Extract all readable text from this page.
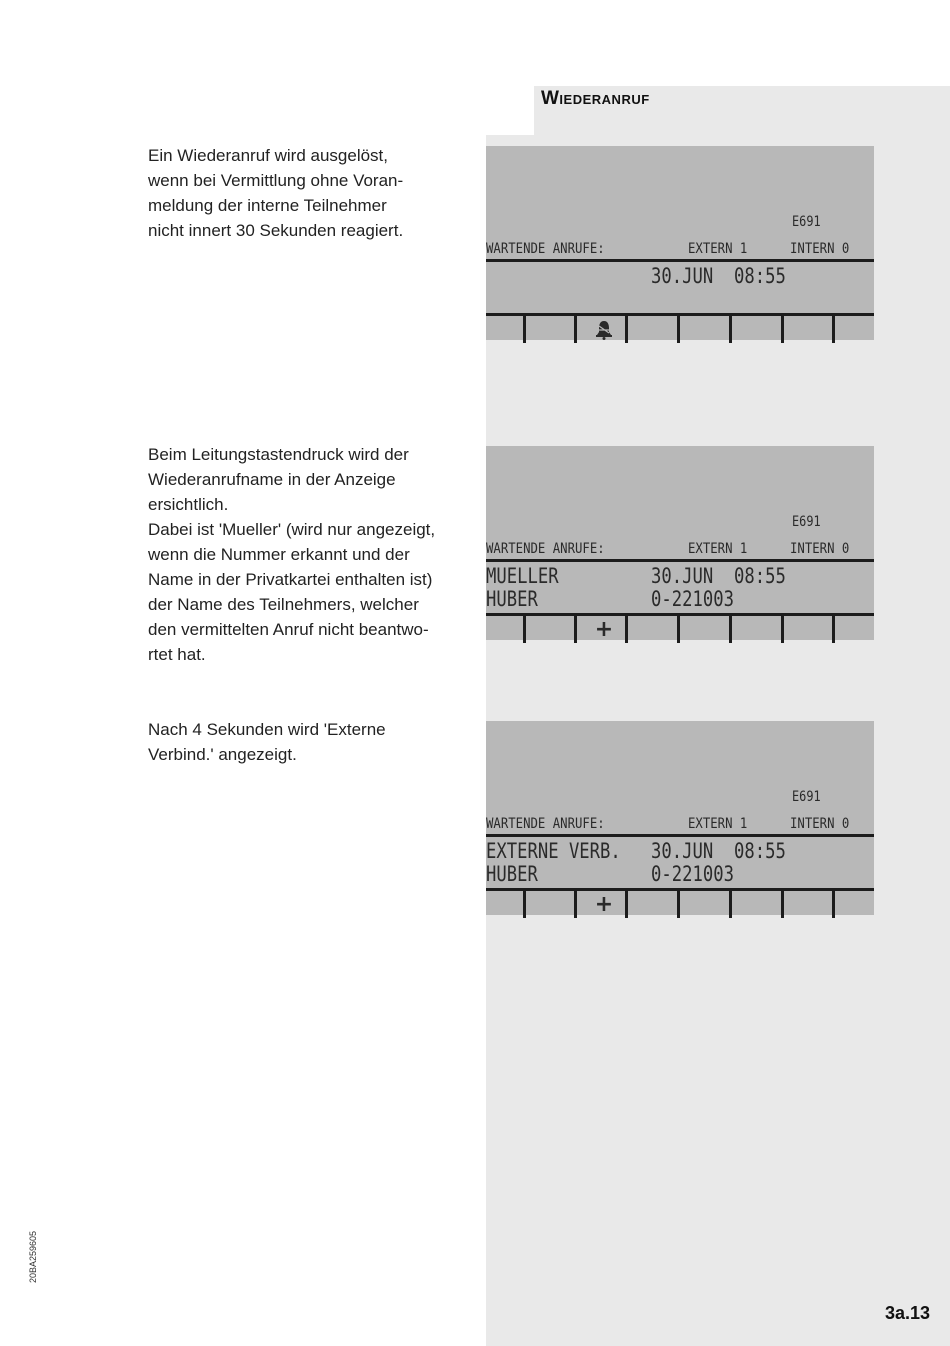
Wiederanruf
Ein Wiederanruf wird ausgelöst,
wenn bei Vermittlung ohne Voran-
meldung der interne Teilnehmer
nicht innert 30 Sekunden reagiert.
Beim Leitungstastendruck wird der
Wiederanrufname in der Anzeige
ersichtlich.
Dabei ist 'Mueller' (wird nur angezeigt,
wenn die Nummer erkannt und der
Name in der Privatkartei enthalten ist)
der Name des Teilnehmers, welcher
den vermittelten Anruf nicht beantwo-
rtet hat.
Nach 4 Sekunden wird 'Externe
Verbind.' angezeigt.
E691
WARTENDE ANRUFE:	EXTERN 1	INTERN 0
30.JUN 08:55
E691
WARTENDE ANRUFE:	EXTERN 1	INTERN 0
MUELLER	30.JUN 08:55
HUBER	0-221003
+
E691
WARTENDE ANRUFE:	EXTERN 1	INTERN 0
EXTERNE VERB. 30.JUN 08:55
HUBER	0-221003
+
20BA259605
3a.13
